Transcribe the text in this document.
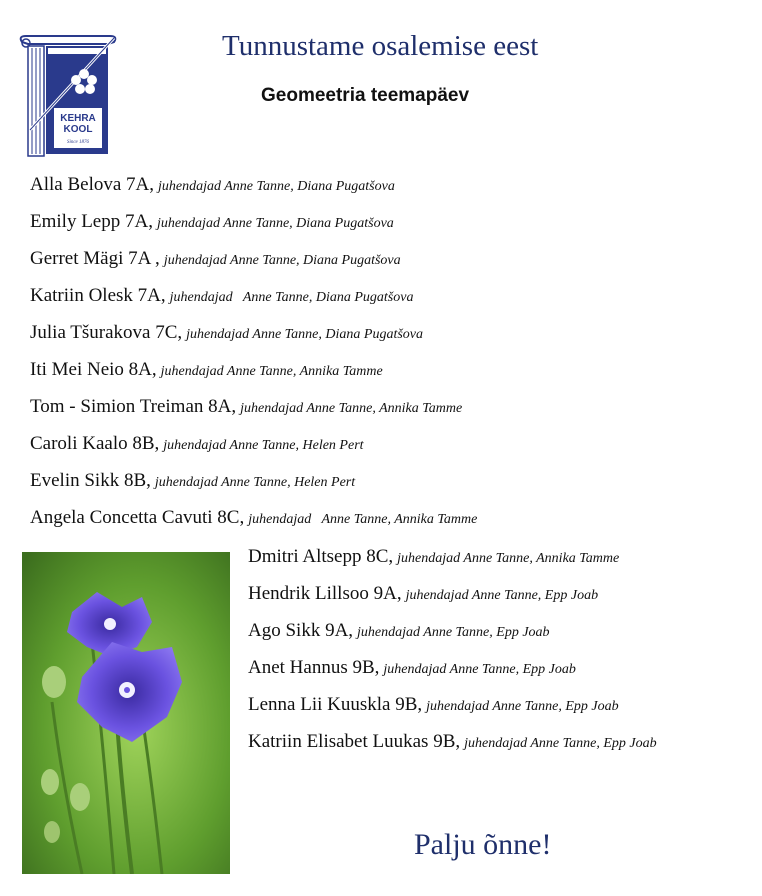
KEHRA
KOOL
Since 1876
Tunnustame osalemise eest
Geomeetria teemapäev
Alla Belova 7A, juhendajad Anne Tanne, Diana Pugatšova
Emily Lepp 7A, juhendajad Anne Tanne, Diana Pugatšova
Gerret Mägi 7A , juhendajad Anne Tanne, Diana Pugatšova
Katriin Olesk 7A, juhendajad   Anne Tanne, Diana Pugatšova
Julia Tšurakova 7C, juhendajad Anne Tanne, Diana Pugatšova
Iti Mei Neio 8A, juhendajad Anne Tanne, Annika Tamme
Tom - Simion Treiman 8A, juhendajad Anne Tanne, Annika Tamme
Caroli Kaalo 8B, juhendajad Anne Tanne, Helen Pert
Evelin Sikk 8B, juhendajad Anne Tanne, Helen Pert
Angela Concetta Cavuti 8C, juhendajad   Anne Tanne, Annika Tamme
Dmitri Altsepp 8C, juhendajad Anne Tanne, Annika Tamme
Hendrik Lillsoo 9A, juhendajad Anne Tanne, Epp Joab
Ago Sikk 9A, juhendajad Anne Tanne, Epp Joab
Anet Hannus 9B, juhendajad Anne Tanne, Epp Joab
Lenna Lii Kuuskla 9B, juhendajad Anne Tanne, Epp Joab
Katriin Elisabet Luukas 9B, juhendajad Anne Tanne, Epp Joab
Palju õnne!
